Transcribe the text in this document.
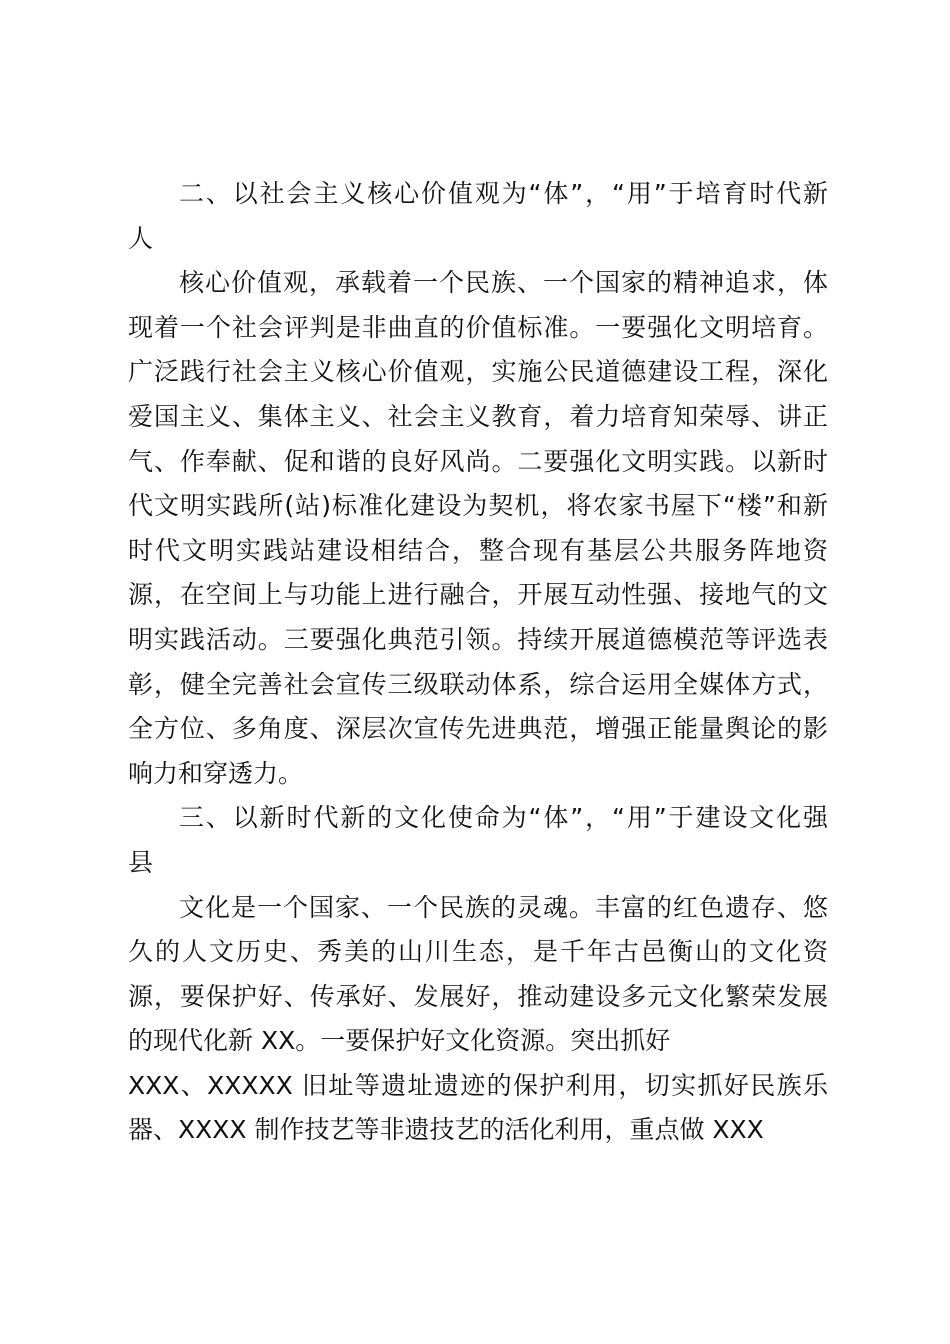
二、以社会主义核心价值观为“体”，“用”于培育时代新
人
核心价值观，承载着一个民族、一个国家的精神追求，体
现着一个社会评判是非曲直的价值标准。一要强化文明培育。
广泛践行社会主义核心价值观，实施公民道德建设工程，深化
爱国主义、集体主义、社会主义教育，着力培育知荣辱、讲正
气、作奉献、促和谐的良好风尚。二要强化文明实践。以新时
代文明实践所(站)标准化建设为契机，将农家书屋下“楼”和新
时代文明实践站建设相结合，整合现有基层公共服务阵地资
源，在空间上与功能上进行融合，开展互动性强、接地气的文
明实践活动。三要强化典范引领。持续开展道德模范等评选表
彰，健全完善社会宣传三级联动体系，综合运用全媒体方式，
全方位、多角度、深层次宣传先进典范，增强正能量舆论的影
响力和穿透力。
三、以新时代新的文化使命为“体”，“用”于建设文化强
县
文化是一个国家、一个民族的灵魂。丰富的红色遗存、悠
久的人文历史、秀美的山川生态，是千年古邑衡山的文化资
源，要保护好、传承好、发展好，推动建设多元文化繁荣发展
的现代化新 XX。一要保护好文化资源。突出抓好
XXX、XXXXX 旧址等遗址遗迹的保护利用，切实抓好民族乐
器、XXXX 制作技艺等非遗技艺的活化利用，重点做 XXX
